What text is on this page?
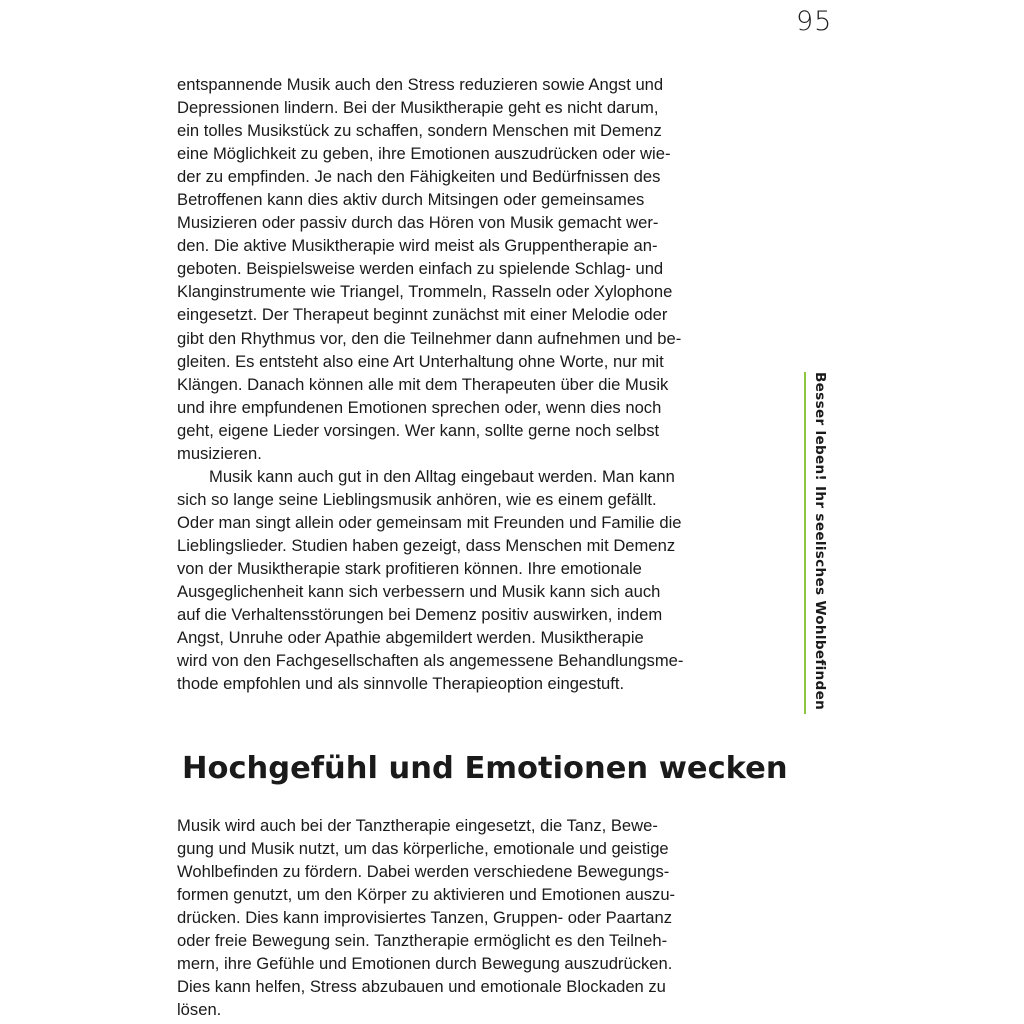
95
entspannende Musik auch den Stress reduzieren sowie Angst und
Depressionen lindern. Bei der Musiktherapie geht es nicht darum,
ein tolles Musikstück zu schaffen, sondern Menschen mit Demenz
eine Möglichkeit zu geben, ihre Emotionen auszudrücken oder wie-
der zu empfinden. Je nach den Fähigkeiten und Bedürfnissen des
Betroffenen kann dies aktiv durch Mitsingen oder gemeinsames
Musizieren oder passiv durch das Hören von Musik gemacht wer-
den. Die aktive Musiktherapie wird meist als Gruppentherapie an-
geboten. Beispielsweise werden einfach zu spielende Schlag- und
Klanginstrumente wie Triangel, Trommeln, Rasseln oder Xylophone
eingesetzt. Der Therapeut beginnt zunächst mit einer Melodie oder
gibt den Rhythmus vor, den die Teilnehmer dann aufnehmen und be-
gleiten. Es entsteht also eine Art Unterhaltung ohne Worte, nur mit
Klängen. Danach können alle mit dem Therapeuten über die Musik
und ihre empfundenen Emotionen sprechen oder, wenn dies noch
geht, eigene Lieder vorsingen. Wer kann, sollte gerne noch selbst
musizieren.
Musik kann auch gut in den Alltag eingebaut werden. Man kann
sich so lange seine Lieblingsmusik anhören, wie es einem gefällt.
Oder man singt allein oder gemeinsam mit Freunden und Familie die
Lieblingslieder. Studien haben gezeigt, dass Menschen mit Demenz
von der Musiktherapie stark profitieren können. Ihre emotionale
Ausgeglichenheit kann sich verbessern und Musik kann sich auch
auf die Verhaltensstörungen bei Demenz positiv auswirken, indem
Angst, Unruhe oder Apathie abgemildert werden. Musiktherapie
wird von den Fachgesellschaften als angemessene Behandlungsme-
thode empfohlen und als sinnvolle Therapieoption eingestuft.
Hochgefühl und Emotionen wecken
Musik wird auch bei der Tanztherapie eingesetzt, die Tanz, Bewe-
gung und Musik nutzt, um das körperliche, emotionale und geistige
Wohlbefinden zu fördern. Dabei werden verschiedene Bewegungs-
formen genutzt, um den Körper zu aktivieren und Emotionen auszu-
drücken. Dies kann improvisiertes Tanzen, Gruppen- oder Paartanz
oder freie Bewegung sein. Tanztherapie ermöglicht es den Teilneh-
mern, ihre Gefühle und Emotionen durch Bewegung auszudrücken.
Dies kann helfen, Stress abzubauen und emotionale Blockaden zu
lösen.
Besser leben! Ihr seelisches Wohlbefinden
